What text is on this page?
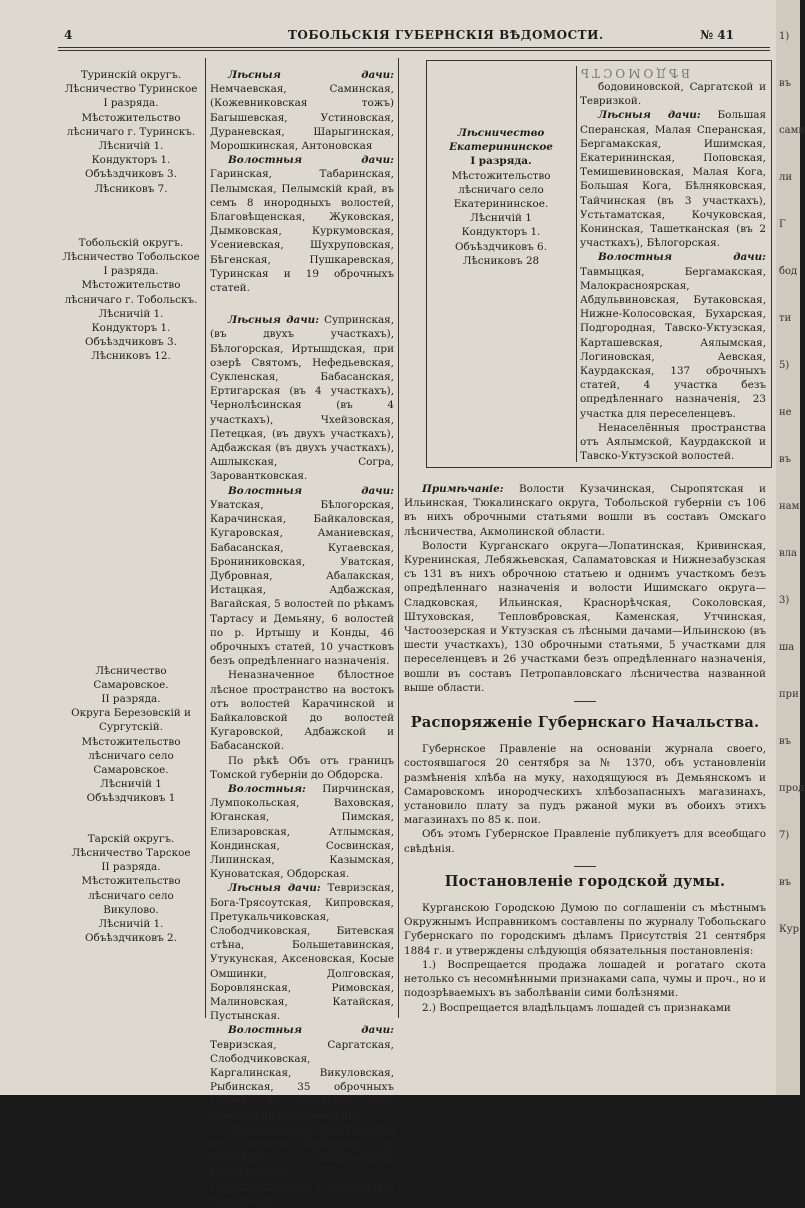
4	ТОБОЛЬСКІЯ ГУБЕРНСКІЯ ВѢДОМОСТИ.	№ 41

Туринскій округъ.

Лѣсничество Туринское

I разряда.

Мѣстожительство лѣсничаго г. Туринскъ.

Лѣсничій 1.

Кондукторъ 1.

Объѣздчиковъ 3.

Лѣсниковъ 7.

Тобольскій округъ.

Лѣсничество Тобольское

I разряда.

Мѣстожительство лѣсничаго г. Тобольскъ.

Лѣсничій 1.

Кондукторъ 1.

Объѣздчиковъ 3.

Лѣсниковъ 12.

Лѣсничество Самаровское.

II разряда.

Округа Березовскій и Сургутскій. Мѣстожительство лѣсничаго село Самаровское.

Лѣсничій 1

Объѣздчиковъ 1

Тарскій округъ.

Лѣсничество Тарское

II разряда.

Мѣстожительство лѣсничаго село Викулово.

Лѣсничій 1.

Объѣздчиковъ 2.

Лѣсныя дачи: Немчаевская, Саминская, (Кожевниковская тожъ) Багышевская, Устиновская, Дураневская, Шарыгинская, Морошкинская, Антоновская

Волостныя дачи: Гаринская, Табаринская, Пелымская, Пелымскій край, въ семъ 8 инородныхъ волостей, Благовѣщенская, Жуковская, Дымковская, Куркумовская, Усениевская, Шухруповская, Бѣгенская, Пушкаревская, Туринская и 19 оброчныхъ статей.

Лѣсныя дачи: Супринская, (въ двухъ участкахъ), Бѣлогорская, Иртышдская, при озерѣ Святомъ, Нефедьевская, Сукленская, Бабасанская, Ертигарская (въ 4 участкахъ), Чернолѣсинская (въ 4 участкахъ), Чхейзовская, Петецкая, (въ двухъ участкахъ), Адбажская (въ двухъ участкахъ), Ашлыкская, Согра, Заровантковская.

Волостныя дачи: Уватская, Бѣлогорская, Карачинская, Байкаловская, Кугаровская, Аманиевская, Бабасанская, Кугаевская, Брониниковская, Уватская, Дубровная, Абалакская, Истацкая, Адбажская, Вагайская, 5 волостей по рѣкамъ Тартасу и Демьяну, 6 волостей по р. Иртышу и Конды, 46 оброчныхъ статей, 10 участковъ безъ опредѣленнаго назначенія.

Неназначенное бѣлостное лѣсное пространство на востокъ отъ волостей Карачинской и Байкаловской до волостей Кугаровской, Адбажской и Бабасанской.

По рѣкѣ Объ отъ границъ Томской губерніи до Обдорска.

Волостныя: Пирчинская, Лумпокольская, Ваховская, Юганская, Пимская, Елизаровская, Атлымская, Кондинская, Сосвинская, Липинская, Казымская, Куноватская, Обдорская.

Лѣсныя дачи: Тевризская, Бога-Трясоутская, Кипровская, Претукальчиковская, Слободчиковская, Битевская стѣна, Большетавинская, Утукунская, Аксеновская, Косые Омшинки, Долговская, Боровлянская, Римовская, Малиновская, Катайская, Пустынская.

Волостныя дачи: Тевризская, Саргатская, Слободчиковская, Каргалинская, Викуловская, Рыбинская, 35 оброчныхъ статей, 11 участковъ безъ опредѣленнаго назначенія.

Неназначенное пространство отъ волости Рыбинской къ волостямъ Викуловской, Каргалинской, Слободчиковской, Саргатской и Тевризской.

ВѢДОМОСТЬ

Лѣсничество Екатерининское

I разряда.

Мѣстожительство лѣсничаго село Екатерининское.

Лѣсничій 1

Кондукторъ 1.

Объѣздчиковъ 6.

Лѣсниковъ 28

бодовиновской, Саргатской и Тевризкой.

Лѣсныя дачи: Большая Сперанская, Малая Сперанская, Бергамакская, Ишимская, Екатерининская, Поповская, Темишевиновская, Малая Кога, Большая Кога, Бѣлняковская, Тайчинская (въ 3 участкахъ), Устьтаматская, Кочуковская, Конинская, Ташетканская (въ 2 участкахъ), Бѣлогорская.

Волостныя дачи: Тавмыцкая, Бергамакская, Малокрасноярская, Абдульвиновская, Бутаковская, Нижне-Колосовская, Бухарская, Подгородная, Тавско-Уктузская, Карташевская, Аялымская, Логиновская, Аевская, Каурдакская, 137 оброчныхъ статей, 4 участка безъ опредѣленнаго назначенія, 23 участка для переселенцевъ.

Ненаселённыя пространства отъ Аялымской, Каурдакской и Тавско-Уктузской волостей.

Примѣчаніе: Волости Кузачинская, Сыропятская и Ильинская, Тюкалинскаго округа, Тобольской губерніи съ 106 въ нихъ оброчными статьями вошли въ составъ Омскаго лѣсничества, Акмолинской области.

Волости Курганскаго округа—Лопатинская, Кривинская, Куренинская, Лебяжьевская, Саламатовская и Нижнезабузская съ 131 въ нихъ оброчною статьею и однимъ участкомъ безъ опредѣленнаго назначенія и волости Ишимскаго округа—Сладковская, Ильинская, Краснорѣчская, Соколовская, Штуховская, Тепловбровская, Каменская, Утчинская, Частоозерская и Уктузская съ лѣсными дачами—Ильинскою (въ шести участкахъ), 130 оброчными статьями, 5 участками для переселенцевъ и 26 участками безъ опредѣленнаго назначенія, вошли въ составъ Петропавловскаго лѣсничества названной выше области.

Распоряженіе Губернскаго Начальства.

Губернское Правленіе на основаніи журнала своего, состоявшагося 20 сентября за № 1370, объ установленіи размѣненія хлѣба на муку, находящуюся въ Демьянскомъ и Самаровскомъ инородческихъ хлѣбозапасныхъ магазинахъ, установило плату за пудъ ржаной муки въ обоихъ этихъ магазинахъ по 85 к. пои.

Объ этомъ Губернское Правленіе публикуетъ для всеобщаго свѣдѣнія.

Постановленіе городской думы.

Курганскою Городскою Думою по соглашеніи съ мѣстнымъ Окружнымъ Исправникомъ составлены по журналу Тобольскаго Губернскаго по городскимъ дѣламъ Присутствія 21 сентября 1884 г. и утверждены слѣдующія обязательныя постановленія:

1.) Воспрещается продажа лошадей и рогатаго скота нетолько съ несомнѣнными признаками сапа, чумы и проч., но и подозрѣваемыхъ въ заболѣваніи сими болѣзнями.

2.) Воспрещается владѣльцамъ лошадей съ признаками

1)
въ
сами
ли
Г
бод
ти
5)
не
въ
нам
вла
3)
ша
при
въ
прод
7)
въ
Кур
